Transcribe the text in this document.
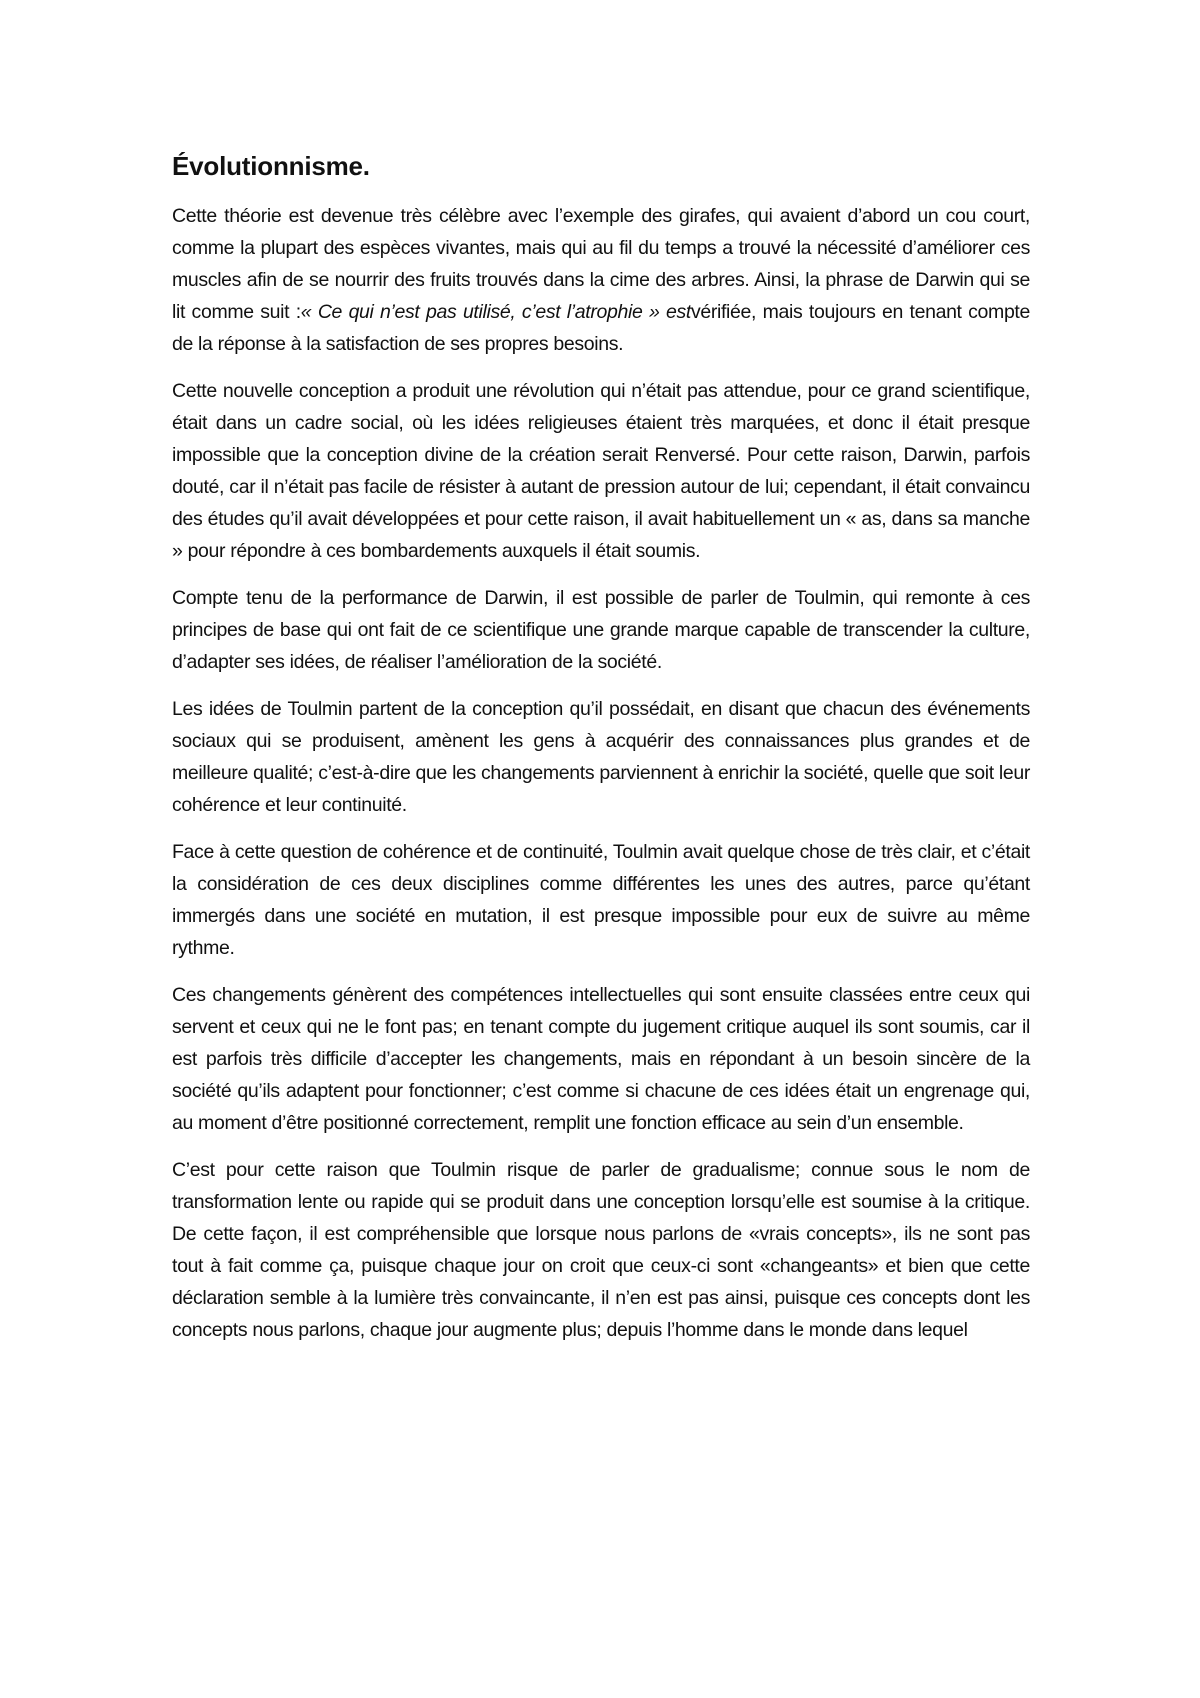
Évolutionnisme.

Cette théorie est devenue très célèbre avec l’exemple des girafes, qui avaient d’abord un cou court, comme la plupart des espèces vivantes, mais qui au fil du temps a trouvé la nécessité d’améliorer ces muscles afin de se nourrir des fruits trouvés dans la cime des arbres. Ainsi, la phrase de Darwin qui se lit comme suit :« Ce qui n’est pas utilisé, c’est l’atrophie » estvérifiée, mais toujours en tenant compte de la réponse à la satisfaction de ses propres besoins.

Cette nouvelle conception a produit une révolution qui n’était pas attendue, pour ce grand scientifique, était dans un cadre social, où les idées religieuses étaient très marquées, et donc il était presque impossible que la conception divine de la création serait Renversé. Pour cette raison, Darwin, parfois douté, car il n’était pas facile de résister à autant de pression autour de lui; cependant, il était convaincu des études qu’il avait développées et pour cette raison, il avait habituellement un « as, dans sa manche » pour répondre à ces bombardements auxquels il était soumis.

Compte tenu de la performance de Darwin, il est possible de parler de Toulmin, qui remonte à ces principes de base qui ont fait de ce scientifique une grande marque capable de transcender la culture, d’adapter ses idées, de réaliser l’amélioration de la société.

Les idées de Toulmin partent de la conception qu’il possédait, en disant que chacun des événements sociaux qui se produisent, amènent les gens à acquérir des connaissances plus grandes et de meilleure qualité; c’est-à-dire que les changements parviennent à enrichir la société, quelle que soit leur cohérence et leur continuité.

Face à cette question de cohérence et de continuité, Toulmin avait quelque chose de très clair, et c’était la considération de ces deux disciplines comme différentes les unes des autres, parce qu’étant immergés dans une société en mutation, il est presque impossible pour eux de suivre au même rythme.

Ces changements génèrent des compétences intellectuelles qui sont ensuite classées entre ceux qui servent et ceux qui ne le font pas; en tenant compte du jugement critique auquel ils sont soumis, car il est parfois très difficile d’accepter les changements, mais en répondant à un besoin sincère de la société qu’ils adaptent pour fonctionner; c’est comme si chacune de ces idées était un engrenage qui, au moment d’être positionné correctement, remplit une fonction efficace au sein d’un ensemble.

C’est pour cette raison que Toulmin risque de parler de gradualisme; connue sous le nom de transformation lente ou rapide qui se produit dans une conception lorsqu’elle est soumise à la critique. De cette façon, il est compréhensible que lorsque nous parlons de «vrais concepts», ils ne sont pas tout à fait comme ça, puisque chaque jour on croit que ceux-ci sont «changeants» et bien que cette déclaration semble à la lumière très convaincante, il n’en est pas ainsi, puisque ces concepts dont les concepts nous parlons, chaque jour augmente plus; depuis l’homme dans le monde dans lequel
